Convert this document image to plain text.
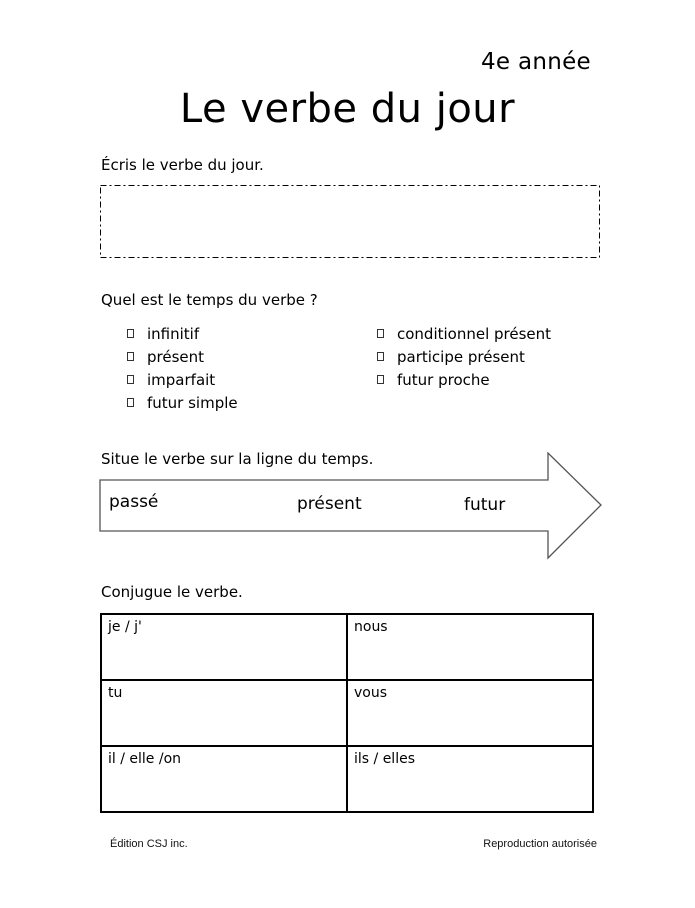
4e année
Le verbe du jour
Écris le verbe du jour.
Quel est le temps du verbe ?
infinitif
présent
imparfait
futur simple
conditionnel présent
participe présent
futur proche
Situe le verbe sur la ligne du temps.
passé	présent	futur
Conjugue le verbe.
je / j'	nous
tu	vous
il / elle /on	ils / elles
Édition CSJ inc.	Reproduction autorisée
